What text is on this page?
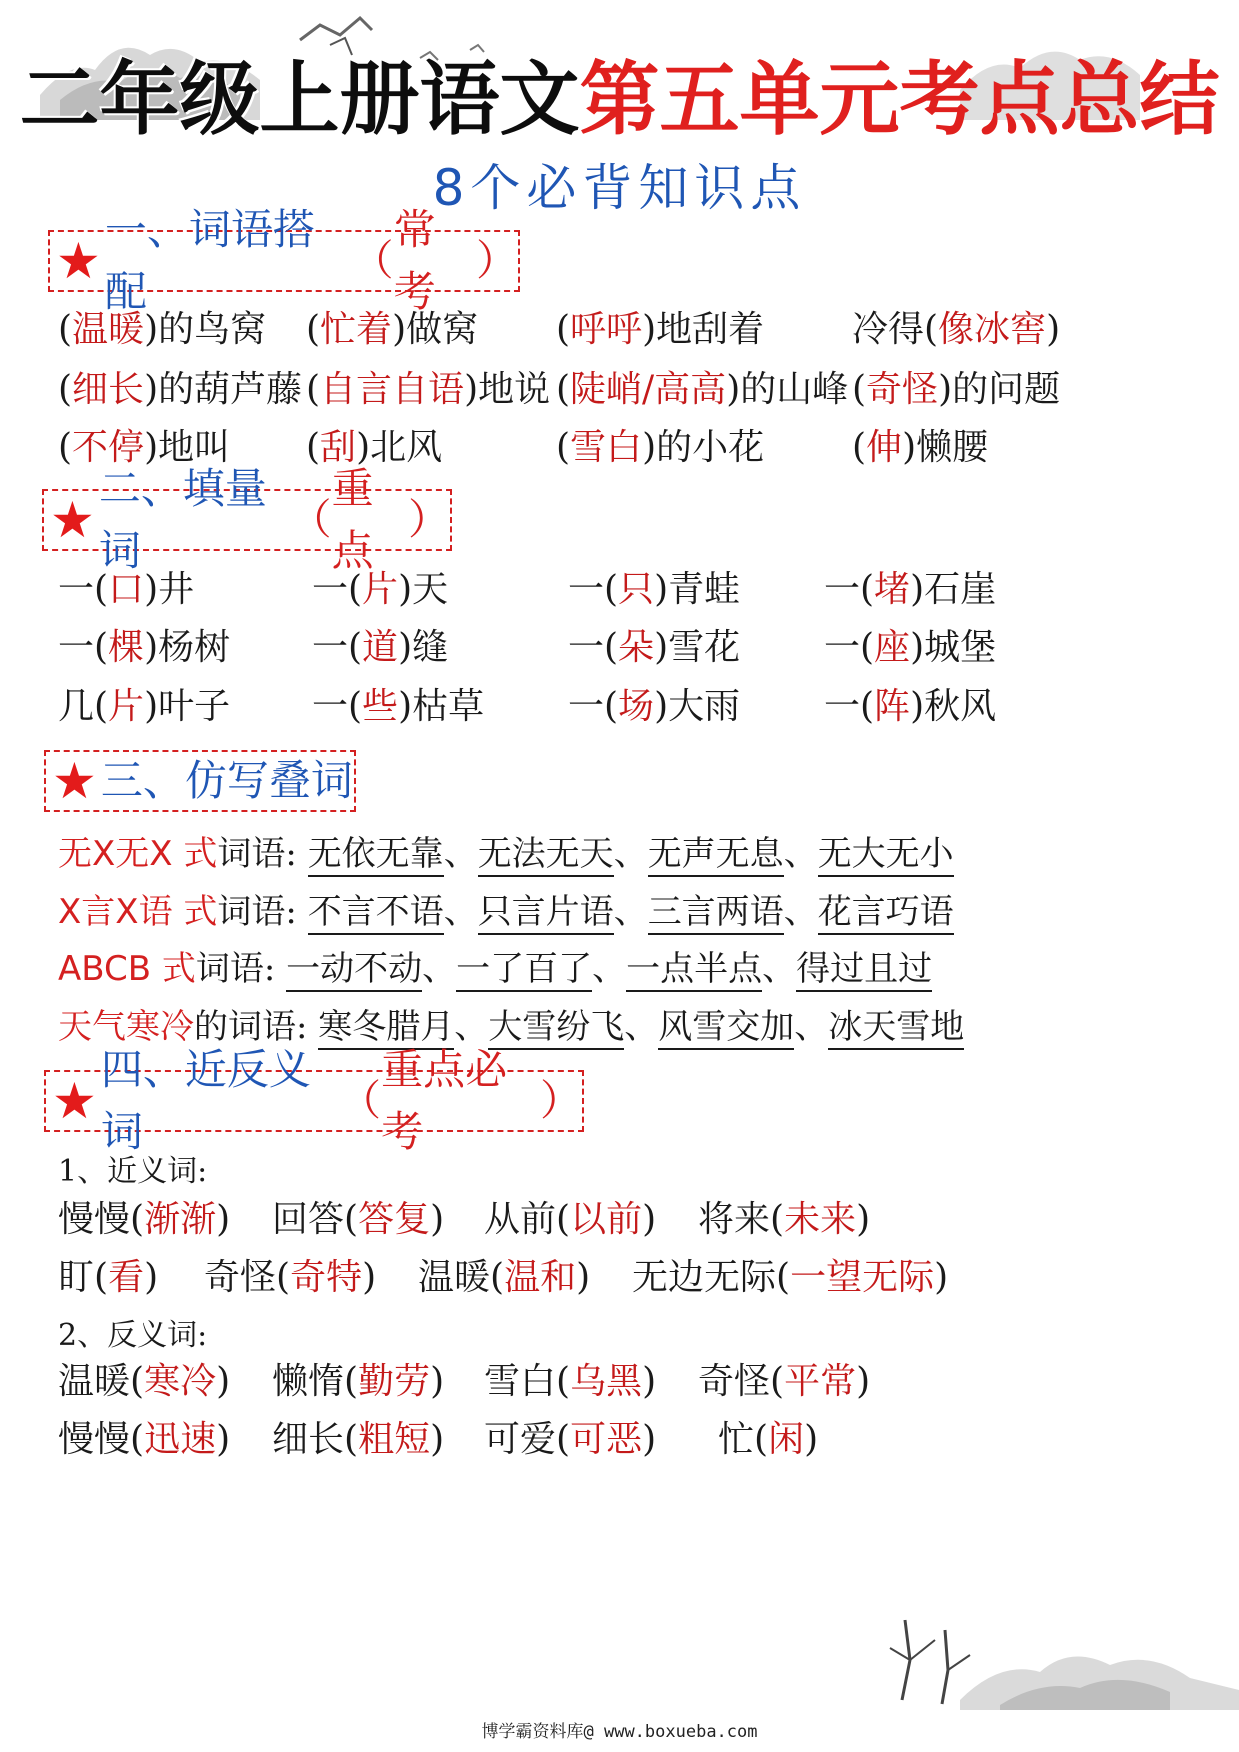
二年级上册语文第五单元考点总结
8个必背知识点
★
一、词语搭配
（
常考
）
(温暖)的鸟窝 (忙着)做窝 (呼呼)地刮着 冷得(像冰窖)
(细长)的葫芦藤 (自言自语)地说 (陡峭/高高)的山峰 (奇怪)的问题
(不停)地叫 (刮)北风	(雪白)的小花 (伸)懒腰
★
二、填量词
（
重点
）
一(口)井	一(片)天	一(只)青蛙 一(堵)石崖
一(棵)杨树 一(道)缝	一(朵)雪花 一(座)城堡
几(片)叶子 一(些)枯草 一(场)大雨 一(阵)秋风
★ 三、仿写叠词
无X无X 式词语: 无依无靠、无法无天、无声无息、无大无小
X言X语 式词语: 不言不语、只言片语、三言两语、花言巧语
ABCB 式词语: 一动不动、一了百了、一点半点、得过且过
天气寒冷的词语: 寒冬腊月、大雪纷飞、风雪交加、冰天雪地
★
四、近反义词
（
重点必考
）
1、近义词:
慢慢(渐渐) 回答(答复) 从前(以前) 将来(未来)
盯(看) 奇怪(奇特) 温暖(温和) 无边无际(一望无际)
2、反义词:
温暖(寒冷) 懒惰(勤劳) 雪白(乌黑) 奇怪(平常)
慢慢(迅速) 细长(粗短) 可爱(可恶) 忙(闲)
博学霸资料库@ www.boxueba.com
